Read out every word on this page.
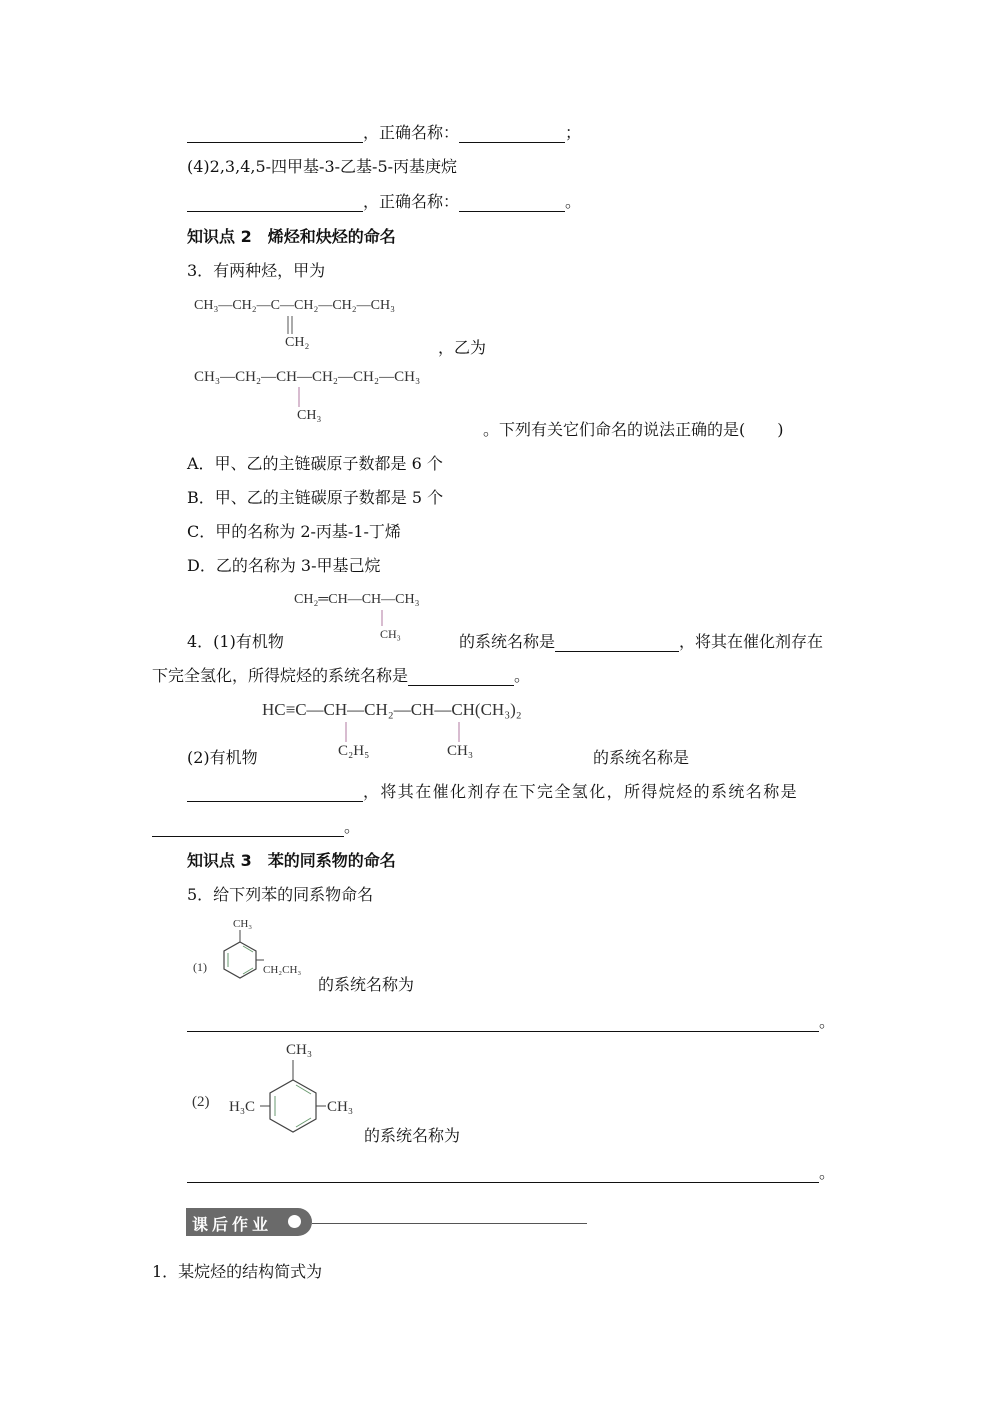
，正确名称：	；
(4)2,3,4,5-四甲基-3-乙基-5-丙基庚烷
，正确名称：	。
知识点 2　烯烃和炔烃的命名
3．有两种烃，甲为
CH₃—CH₂—C—CH₂—CH₂—CH₃
CH₂	，乙为
CH₃—CH₂—CH—CH₂—CH₂—CH₃
CH₃
。下列有关它们命名的说法正确的是(　　)
A．甲、乙的主链碳原子数都是 6 个
B．甲、乙的主链碳原子数都是 5 个
C．甲的名称为 2-丙基-1-丁烯
D．乙的名称为 3-甲基己烷
CH₂═CH—CH—CH₃
CH₃
4．(1)有机物	的系统名称是	，将其在催化剂存在
下完全氢化，所得烷烃的系统名称是	。
HC≡C—CH—CH₂—CH—CH(CH₃)₂
C₂H₅	CH₃
(2)有机物	的系统名称是
，将其在催化剂存在下完全氢化，所得烷烃的系统名称是
。
知识点 3　苯的同系物的命名
5．给下列苯的同系物命名
(1)
CH₃
CH₂CH₃
的系统名称为
。
(2)
CH₃
H₃C	CH₃
的系统名称为
。
课后作业
1．某烷烃的结构简式为
